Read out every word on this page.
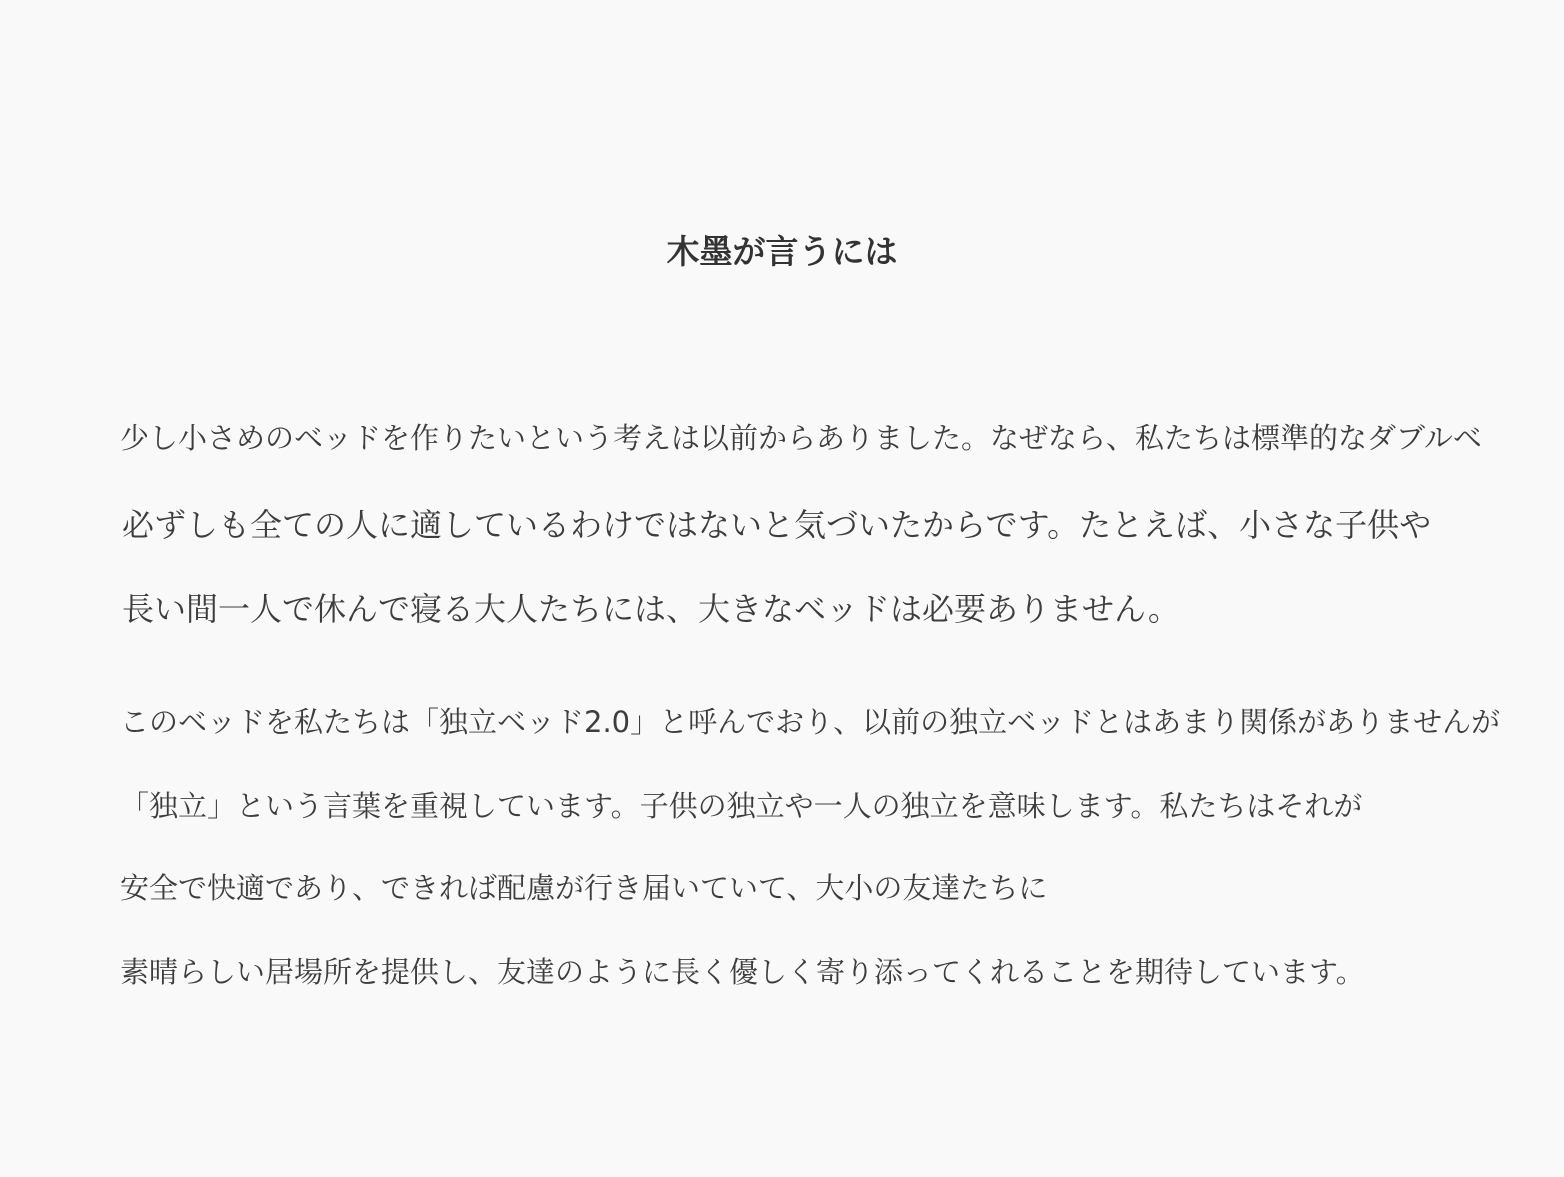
木墨が言うには
少し小さめのベッドを作りたいという考えは以前からありました。なぜなら、私たちは標準的なダブルベ
必ずしも全ての人に適しているわけではないと気づいたからです。たとえば、小さな子供や
長い間一人で休んで寝る大人たちには、大きなベッドは必要ありません。
このベッドを私たちは「独立ベッド2.0」と呼んでおり、以前の独立ベッドとはあまり関係がありませんが
「独立」という言葉を重視しています。子供の独立や一人の独立を意味します。私たちはそれが
安全で快適であり、できれば配慮が行き届いていて、大小の友達たちに
素晴らしい居場所を提供し、友達のように長く優しく寄り添ってくれることを期待しています。
